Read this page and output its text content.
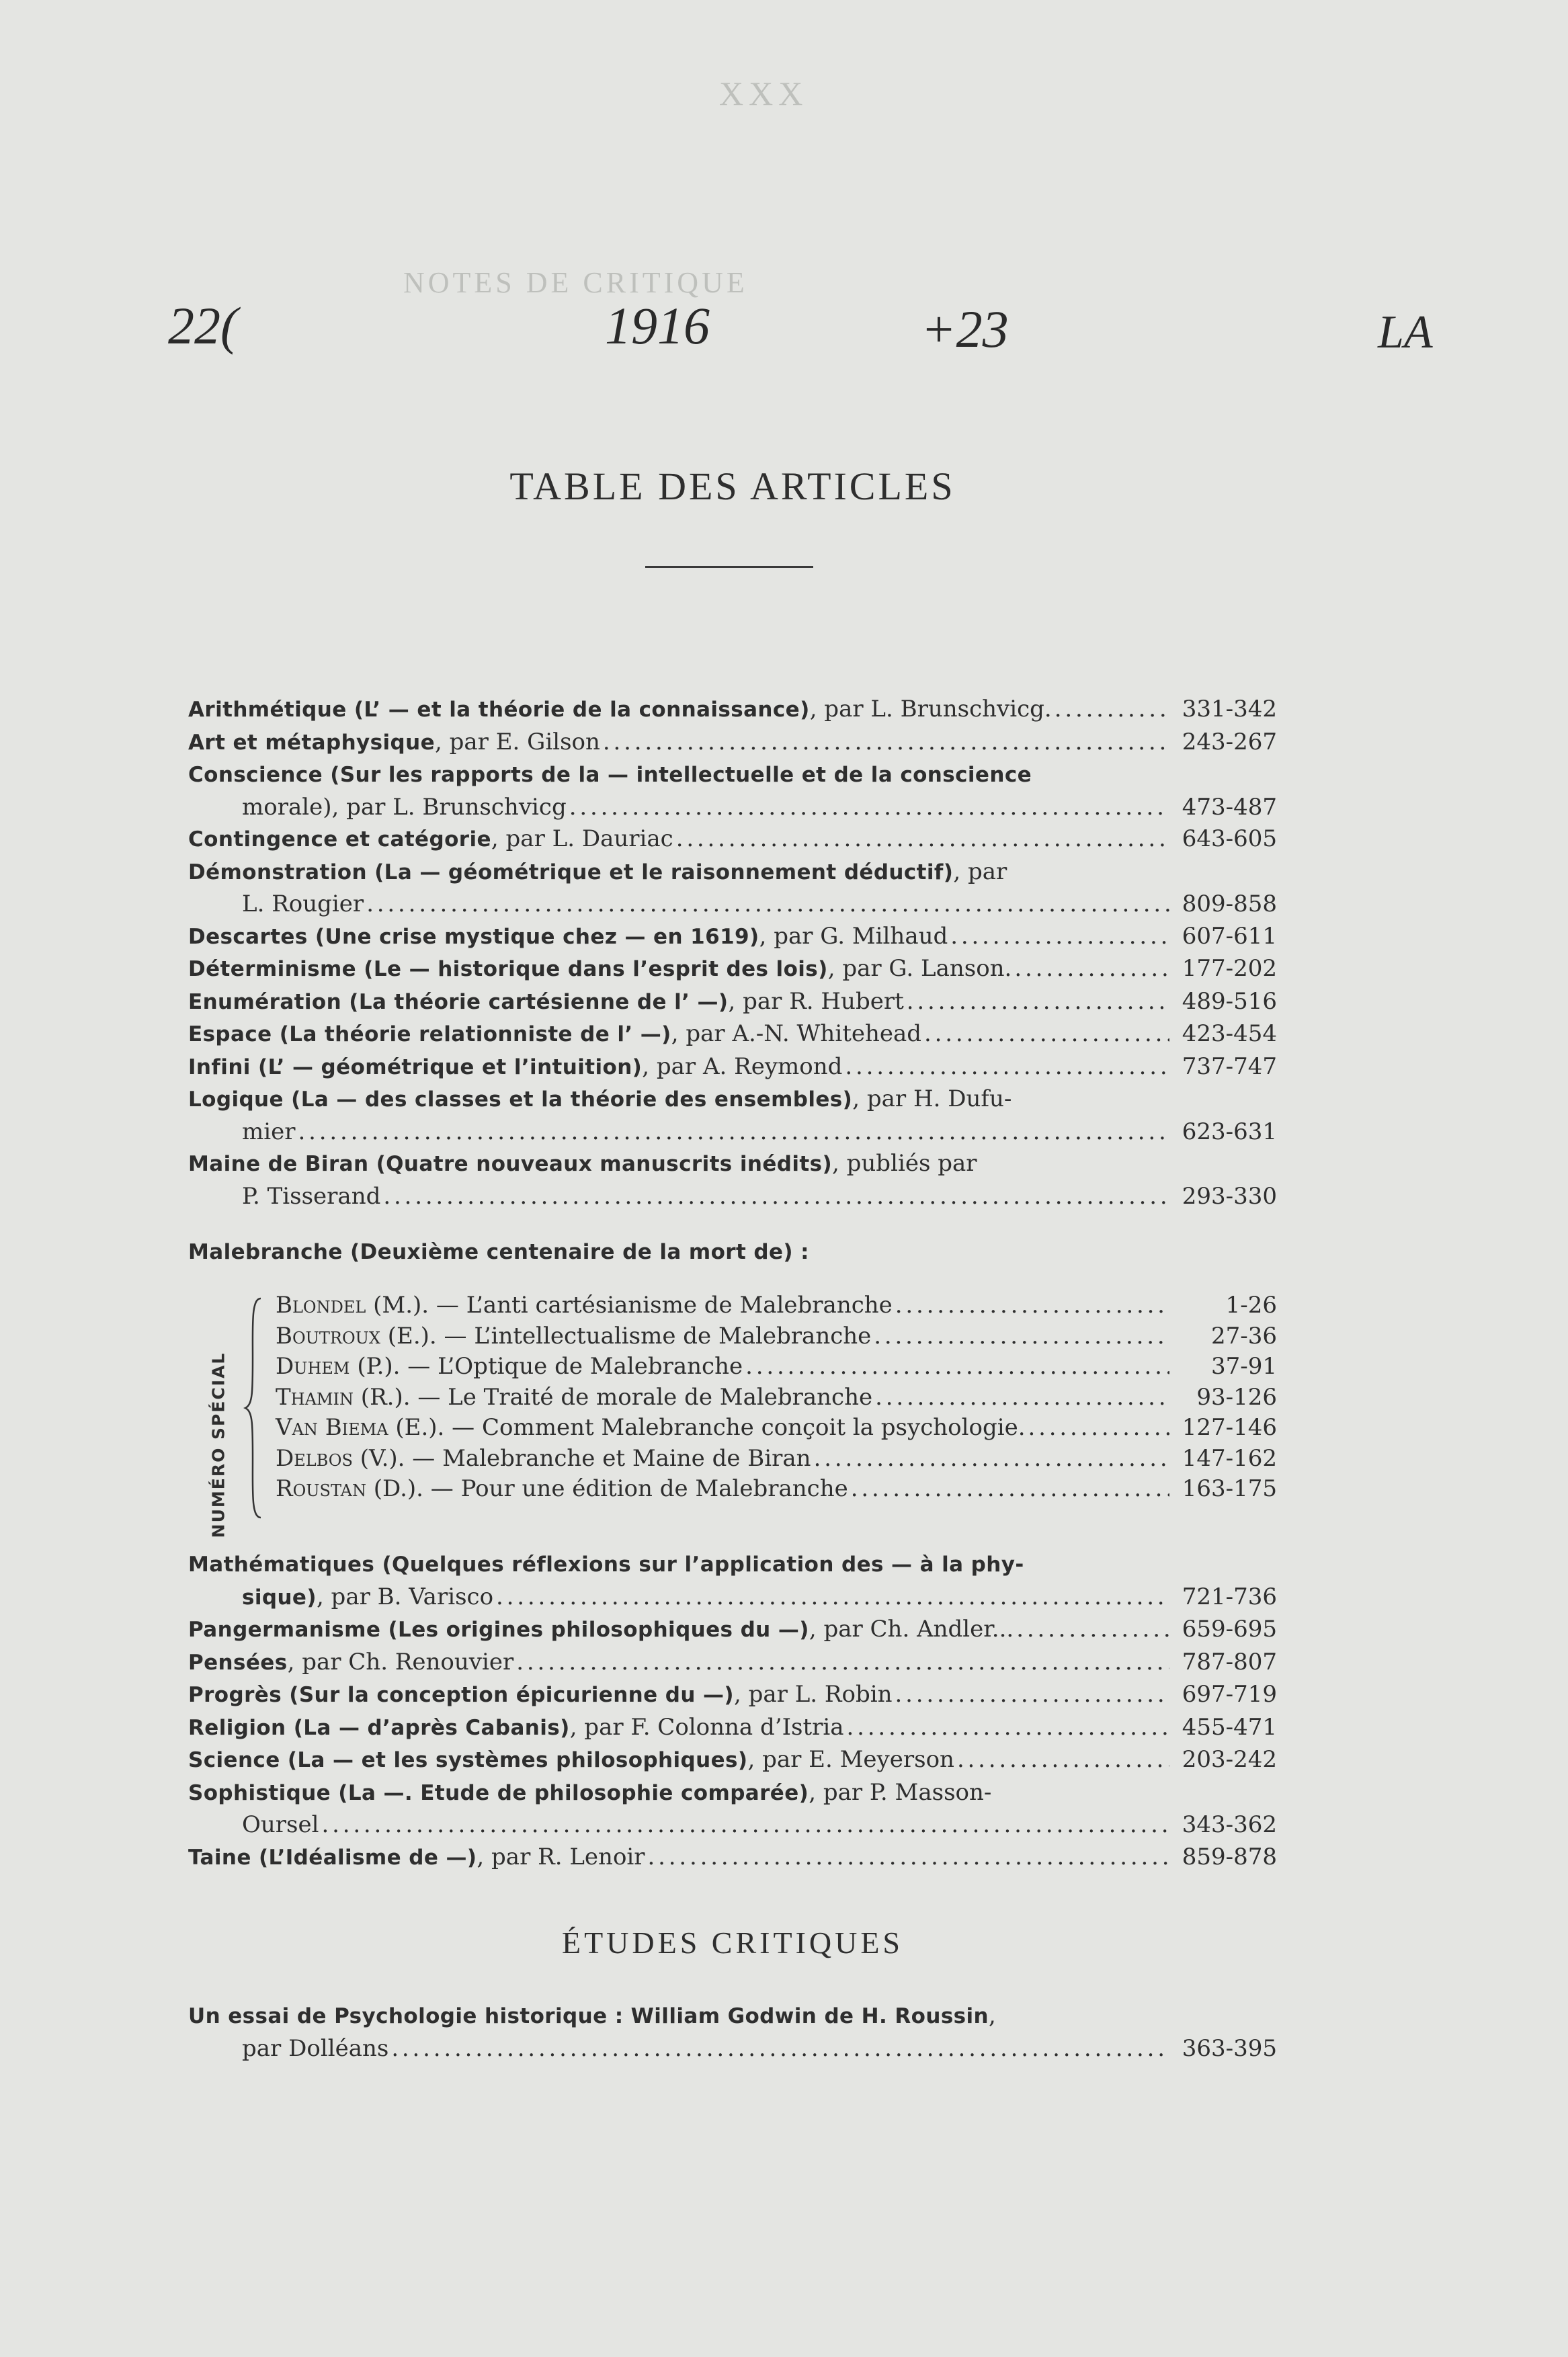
NOTES DE CRITIQUE
XXX
22(	1916	+23	LA
TABLE DES ARTICLES
Arithmétique (L’ — et la théorie de la connaissance), par L. Brunschvicg. . . .	331-342
Art et métaphysique, par E. Gilson . . .	243-267
Conscience (Sur les rapports de la — intellectuelle et de la conscience
morale), par L. Brunschvicg . . .	473-487
Contingence et catégorie, par L. Dauriac . . .	643-605
Démonstration (La — géométrique et le raisonnement déductif), par
L. Rougier . . .	809-858
Descartes (Une crise mystique chez — en 1619), par G. Milhaud . . .	607-611
Déterminisme (Le — historique dans l’esprit des lois), par G. Lanson. . . .	177-202
Enumération (La théorie cartésienne de l’ —), par R. Hubert . . .	489-516
Espace (La théorie relationniste de l’ —), par A.-N. Whitehead . . .	423-454
Infini (L’ — géométrique et l’intuition), par A. Reymond . . .	737-747
Logique (La — des classes et la théorie des ensembles), par H. Dufu-
mier . . .	623-631
Maine de Biran (Quatre nouveaux manuscrits inédits), publiés par
P. Tisserand . . .	293-330
Malebranche (Deuxième centenaire de la mort de) :
NUMÉRO SPÉCIAL
Blondel (M.). — L’anti cartésianisme de Malebranche . . .	1-26
Boutroux (E.). — L’intellectualisme de Malebranche . . .	27-36
Duhem (P.). — L’Optique de Malebranche . . .	37-91
Thamin (R.). — Le Traité de morale de Malebranche . . .	93-126
Van Biema (E.). — Comment Malebranche conçoit la psychologie. . . .	127-146
Delbos (V.). — Malebranche et Maine de Biran . . .	147-162
Roustan (D.). — Pour une édition de Malebranche . . .	163-175
Mathématiques (Quelques réflexions sur l’application des — à la phy-
sique), par B. Varisco . . .	721-736
Pangermanisme (Les origines philosophiques du —), par Ch. Andler... . . .	659-695
Pensées, par Ch. Renouvier . . .	787-807
Progrès (Sur la conception épicurienne du —), par L. Robin . . .	697-719
Religion (La — d’après Cabanis), par F. Colonna d’Istria . . .	455-471
Science (La — et les systèmes philosophiques), par E. Meyerson . . .	203-242
Sophistique (La —. Etude de philosophie comparée), par P. Masson-
Oursel . . .	343-362
Taine (L’Idéalisme de —), par R. Lenoir . . .	859-878
ÉTUDES CRITIQUES
Un essai de Psychologie historique : William Godwin de H. Roussin,
par Dolléans . . .	363-395
